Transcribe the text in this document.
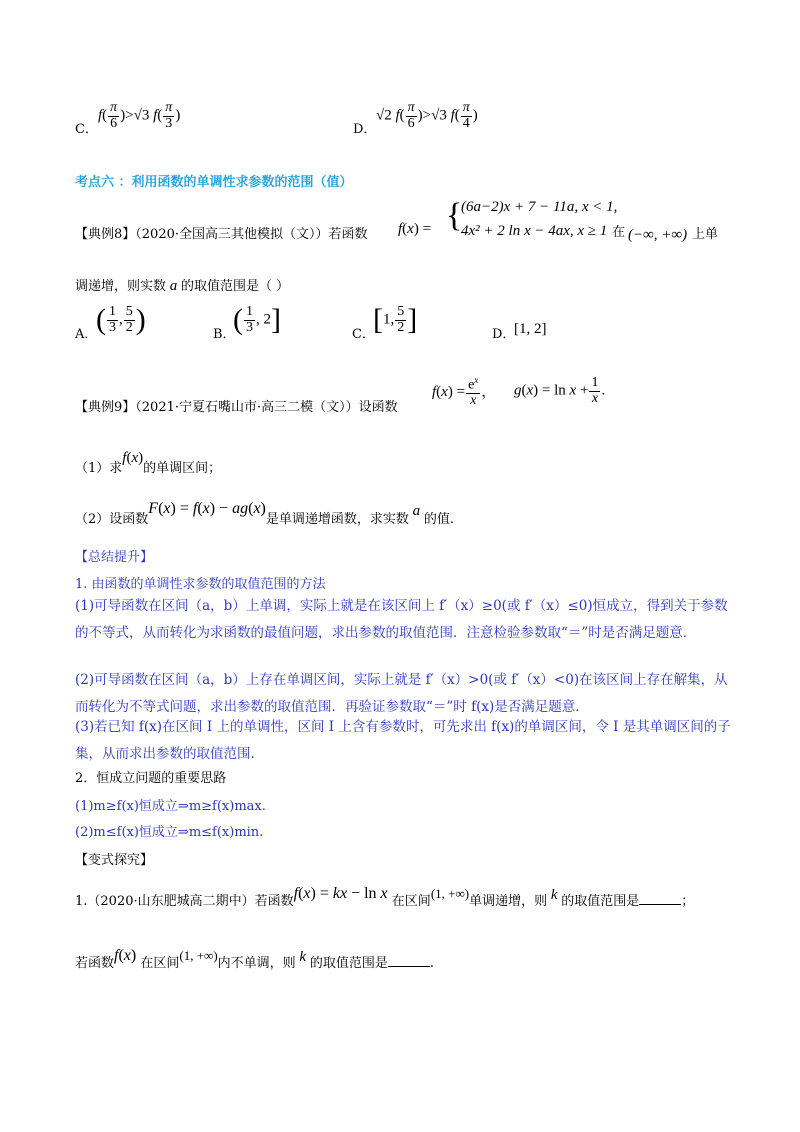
C．
$f( \frac{\pi}{6} )>√3$ $f( \frac{\pi}{3}$ )
D．
√2 $f( \frac{\pi}{6} )>√3$ $f( \frac{\pi}{4}$ )
考点六 ：利用函数的单调性求参数的范围（值）
【典例8】（2020·全国高三其他模拟（文））若函数 f(x) = {
(6a−2)x + 7 − 11a, x < 1,
4x² + 2 ln x − 4ax, x ≥ 1 在 (−∞, +∞) 上单
调递增，则实数 a 的取值范围是（ ）
A．
( $\frac{1}{3}$ , $\frac{5}{2}$ )	B．
( $\frac{1}{3}$ , 2]	C．
[1, $\frac{5}{2}$ ]	D．
[1, 2]
【典例9】（2021·宁夏石嘴山市·高三二模（文））设函数
$f(x) = \frac{e^x}{x}$ ， $g(x) = \ln x + \frac{1}{x}$ .
（1）求f(x)的单调区间；
（2）设函数F(x) = f(x) − ag(x)是单调递增函数，求实数 a 的值.
【总结提升】
1. 由函数的单调性求参数的取值范围的方法
(1)可导函数在区间（a，b）上单调，实际上就是在该区间上 f′（x）≥0(或 f′（x）≤0)恒成立，得到关于参数的不等式，从而转化为求函数的最值问题，求出参数的取值范围．注意检验参数取“＝”时是否满足题意．
(2)可导函数在区间（a，b）上存在单调区间，实际上就是 f′（x）>0(或 f′（x）<0)在该区间上存在解集，从而转化为不等式问题，求出参数的取值范围．再验证参数取“＝”时 f(x)是否满足题意．
(3)若已知 f(x)在区间 I 上的单调性，区间 I 上含有参数时，可先求出 f(x)的单调区间，令 I 是其单调区间的子集，从而求出参数的取值范围．
2．恒成立问题的重要思路
(1)m≥f(x)恒成立⇒m≥f(x)max.
(2)m≤f(x)恒成立⇒m≤f(x)min.
【变式探究】
1.（2020·山东肥城高二期中）若函数f(x) = kx − ln x 在区间(1, +∞)单调递增，则 k 的取值范围是	；
若函数f(x) 在区间(1, +∞)内不单调，则 k 的取值范围是	.
